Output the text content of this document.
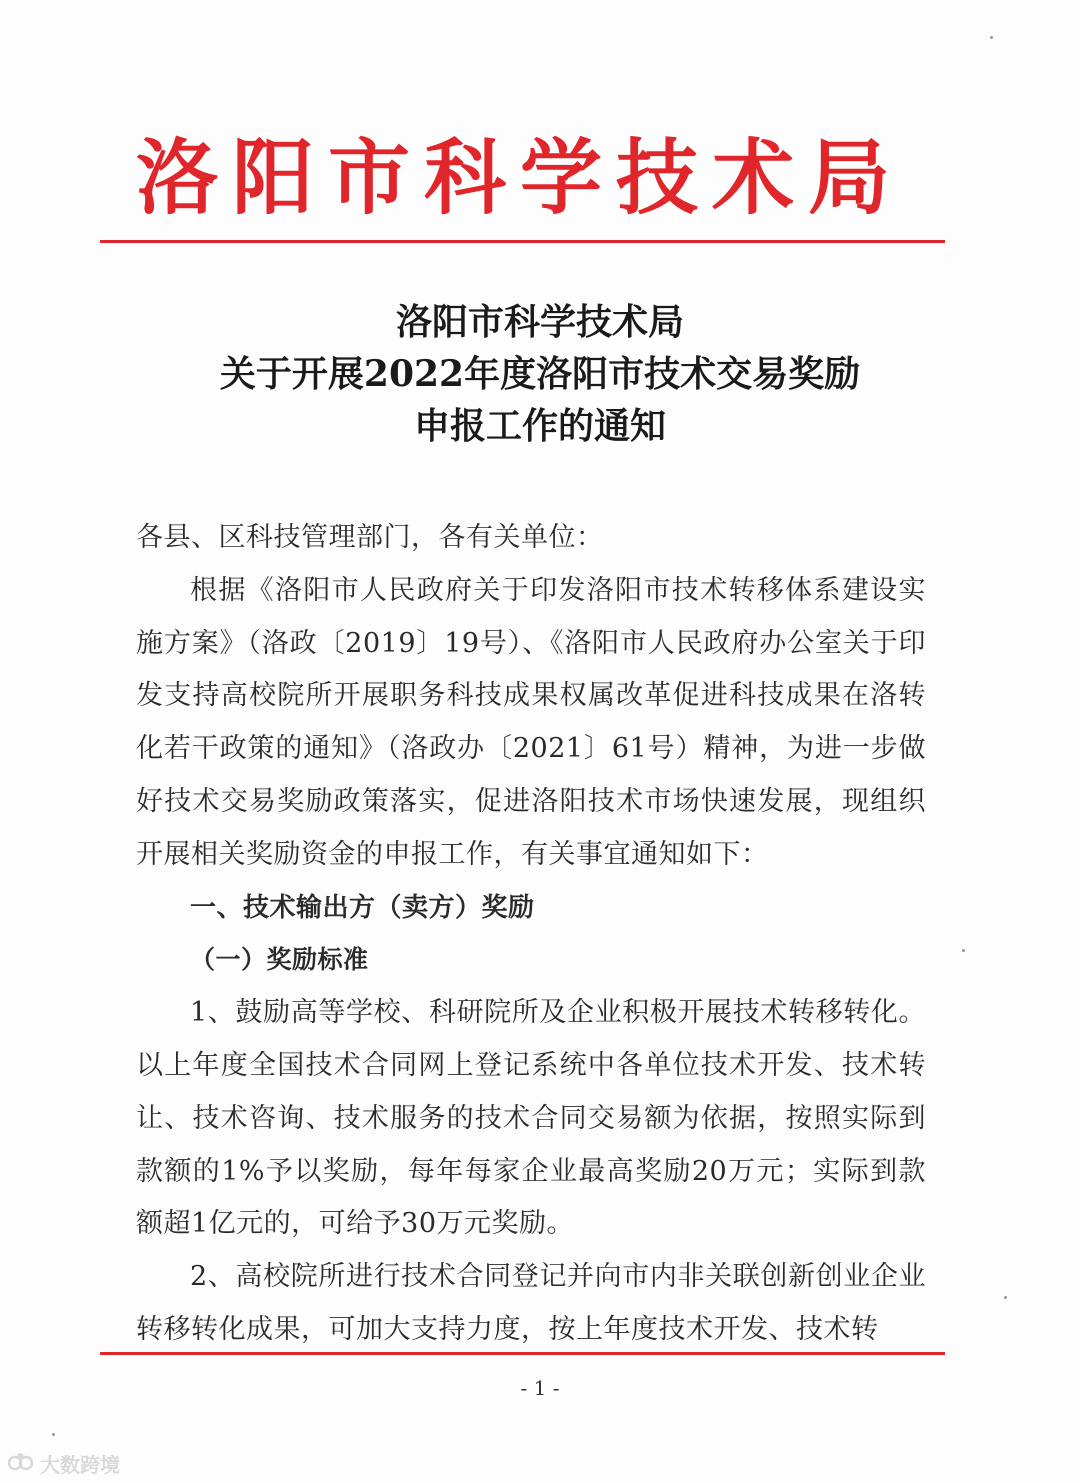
洛阳市科学技术局
洛阳市科学技术局
关于开展2022年度洛阳市技术交易奖励
申报工作的通知

各县、区科技管理部门，各有关单位：

根据《洛阳市人民政府关于印发洛阳市技术转移体系建设实施方案》（洛政〔2019〕19号）、《洛阳市人民政府办公室关于印发支持高校院所开展职务科技成果权属改革促进科技成果在洛转化若干政策的通知》（洛政办〔2021〕61号）精神，为进一步做好技术交易奖励政策落实，促进洛阳技术市场快速发展，现组织开展相关奖励资金的申报工作，有关事宜通知如下：

一、技术输出方（卖方）奖励

（一）奖励标准

1、鼓励高等学校、科研院所及企业积极开展技术转移转化。以上年度全国技术合同网上登记系统中各单位技术开发、技术转让、技术咨询、技术服务的技术合同交易额为依据，按照实际到款额的1%予以奖励，每年每家企业最高奖励20万元；实际到款额超1亿元的，可给予30万元奖励。

2、高校院所进行技术合同登记并向市内非关联创新创业企业转移转化成果，可加大支持力度，按上年度技术开发、技术转

- 1 -
大数跨境
